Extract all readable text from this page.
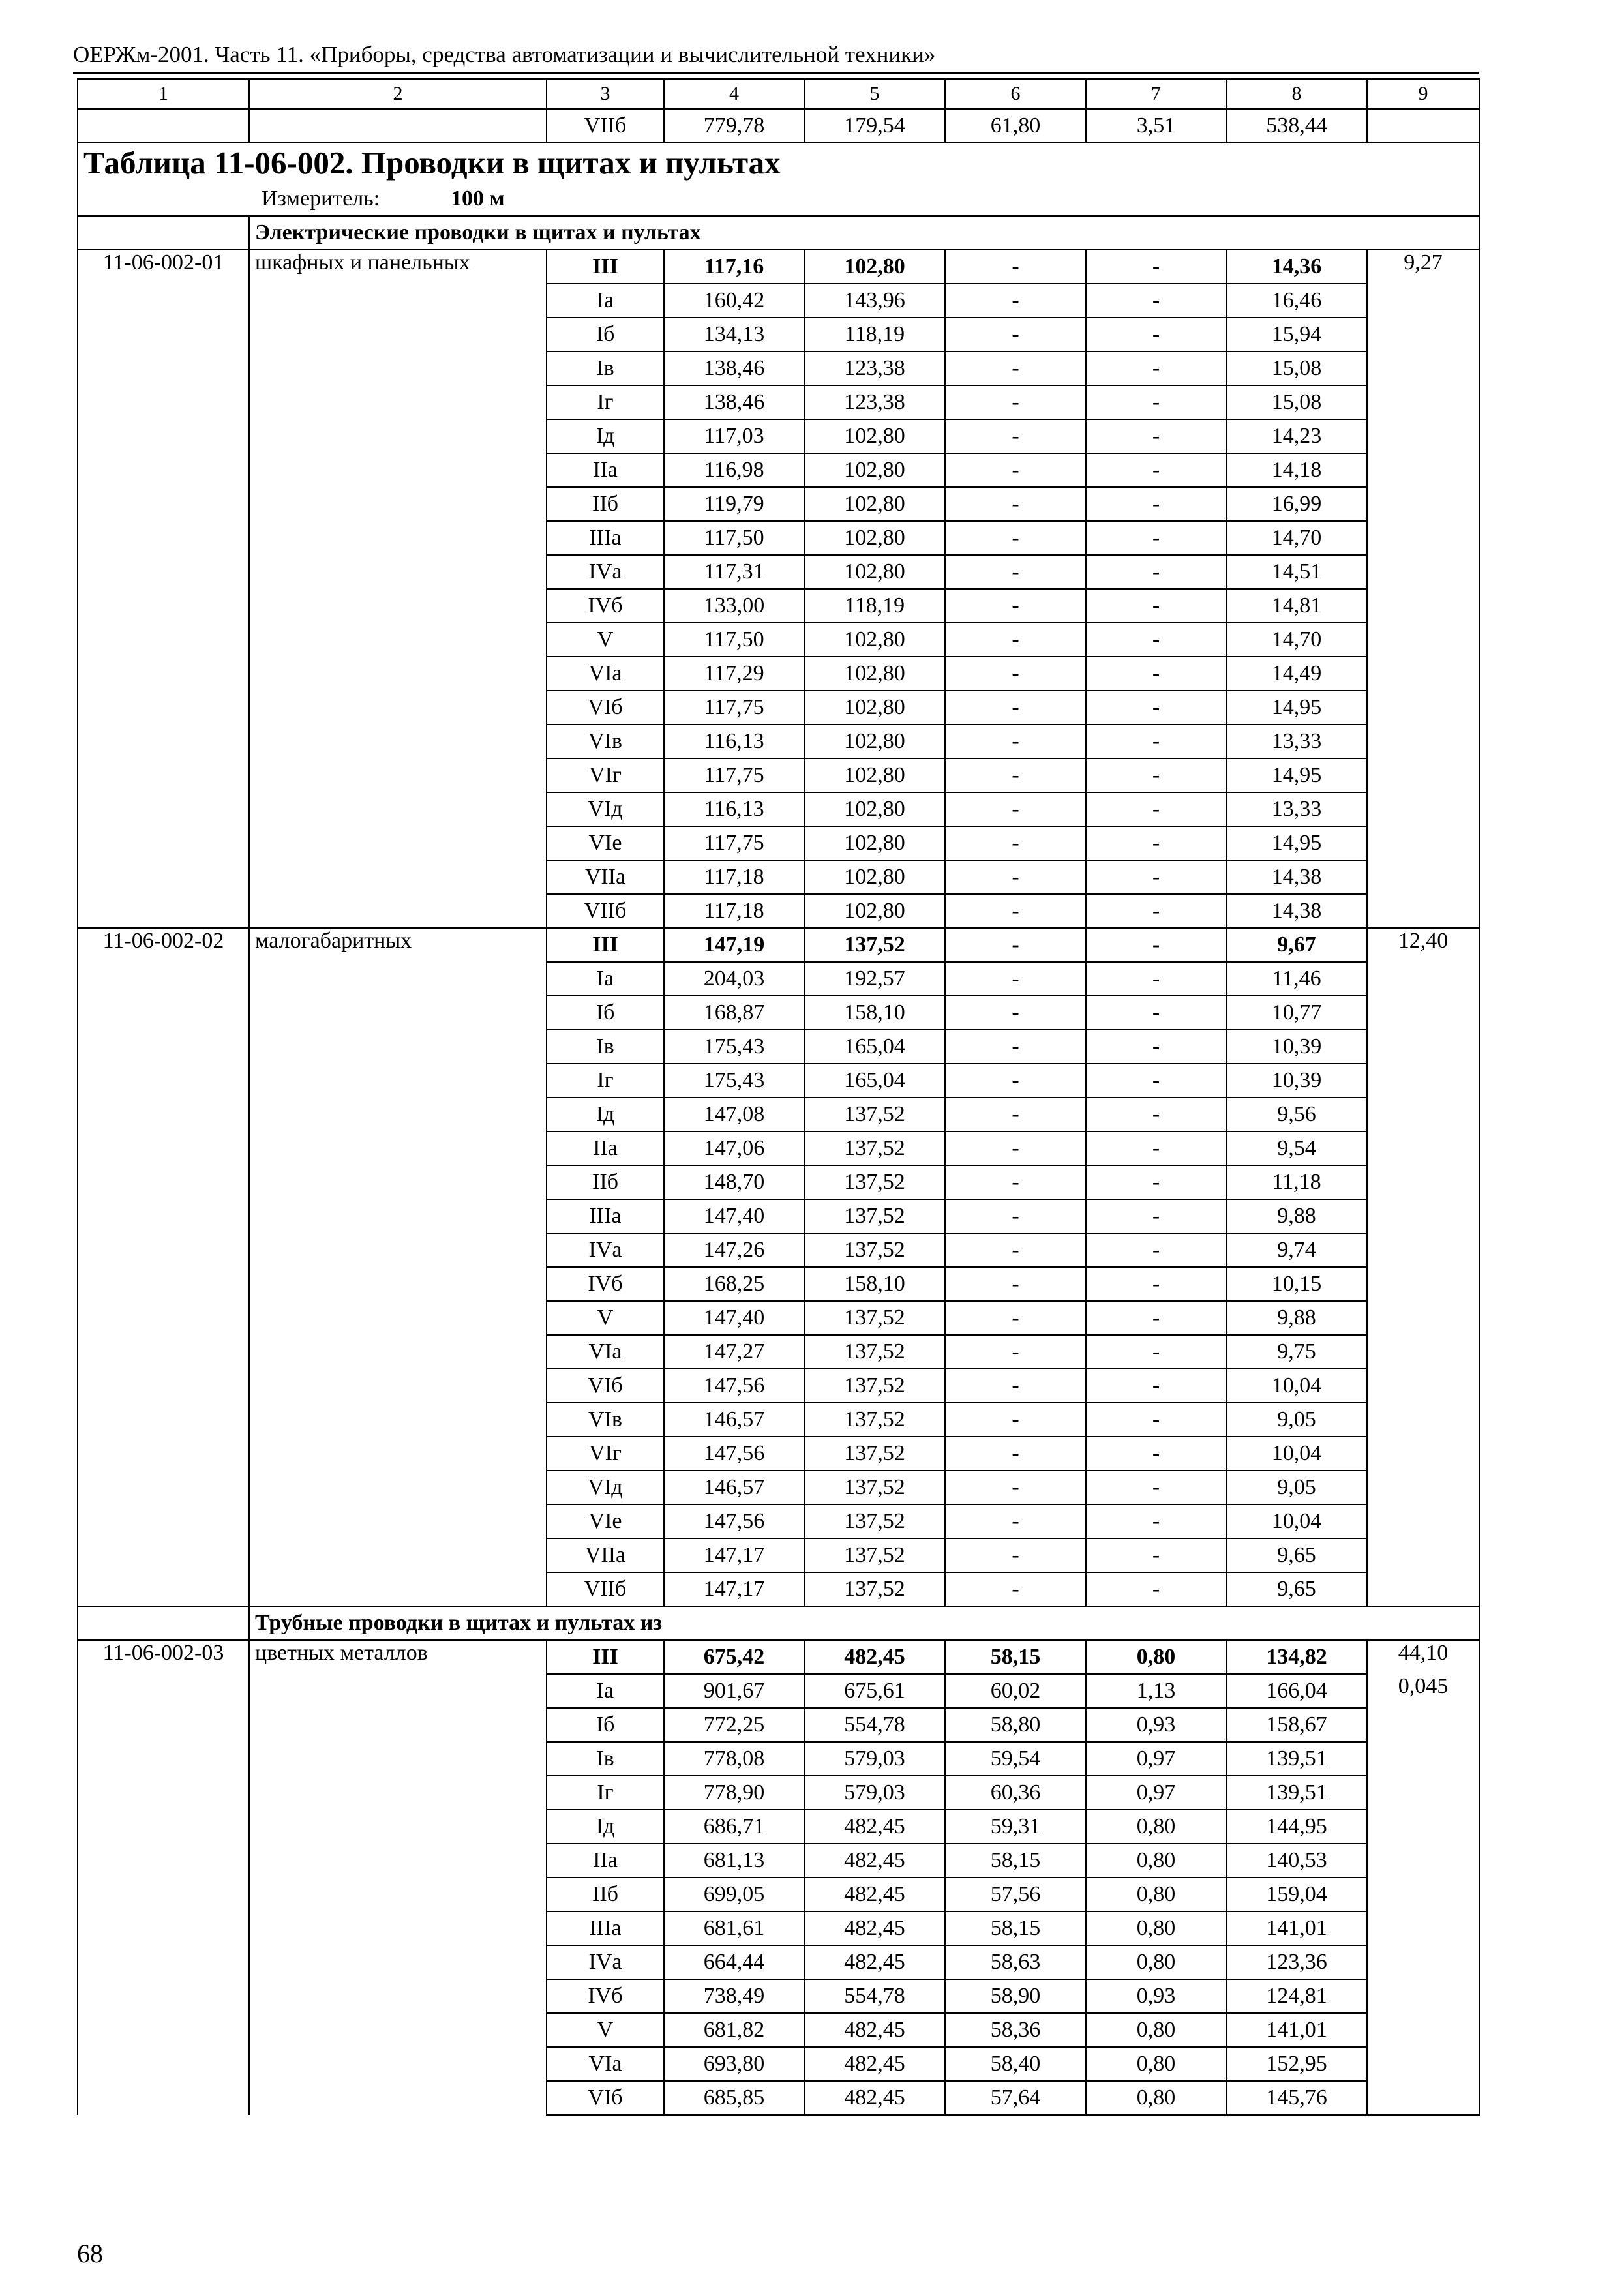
ОЕРЖм-2001. Часть 11. «Приборы, средства автоматизации и вычислительной техники»
1	2	3	4	5	6	7	8	9
		VIIб	779,78	179,54	61,80	3,51	538,44	

Таблица 11-06-002. Проводки в щитах и пультах
Измеритель: 100 м								

	Электрические проводки в щитах и пультах							
11-06-002-01	шкафных и панельных	III	117,16	102,80	-	-	14,36	9,27
		Iа	160,42	143,96	-	-	16,46	
		Iб	134,13	118,19	-	-	15,94	
		Iв	138,46	123,38	-	-	15,08	
		Iг	138,46	123,38	-	-	15,08	
		Iд	117,03	102,80	-	-	14,23	
		IIа	116,98	102,80	-	-	14,18	
		IIб	119,79	102,80	-	-	16,99	
		IIIа	117,50	102,80	-	-	14,70	
		IVа	117,31	102,80	-	-	14,51	
		IVб	133,00	118,19	-	-	14,81	
		V	117,50	102,80	-	-	14,70	
		VIа	117,29	102,80	-	-	14,49	
		VIб	117,75	102,80	-	-	14,95	
		VIв	116,13	102,80	-	-	13,33	
		VIг	117,75	102,80	-	-	14,95	
		VIд	116,13	102,80	-	-	13,33	
		VIе	117,75	102,80	-	-	14,95	
		VIIа	117,18	102,80	-	-	14,38	
		VIIб	117,18	102,80	-	-	14,38	
11-06-002-02	малогабаритных	III	147,19	137,52	-	-	9,67	12,40
		Iа	204,03	192,57	-	-	11,46	
		Iб	168,87	158,10	-	-	10,77	
		Iв	175,43	165,04	-	-	10,39	
		Iг	175,43	165,04	-	-	10,39	
		Iд	147,08	137,52	-	-	9,56	
		IIа	147,06	137,52	-	-	9,54	
		IIб	148,70	137,52	-	-	11,18	
		IIIа	147,40	137,52	-	-	9,88	
		IVа	147,26	137,52	-	-	9,74	
		IVб	168,25	158,10	-	-	10,15	
		V	147,40	137,52	-	-	9,88	
		VIа	147,27	137,52	-	-	9,75	
		VIб	147,56	137,52	-	-	10,04	
		VIв	146,57	137,52	-	-	9,05	
		VIг	147,56	137,52	-	-	10,04	
		VIд	146,57	137,52	-	-	9,05	
		VIе	147,56	137,52	-	-	10,04	
		VIIа	147,17	137,52	-	-	9,65	
		VIIб	147,17	137,52	-	-	9,65	
	Трубные проводки в щитах и пультах из							
11-06-002-03	цветных металлов	III	675,42	482,45	58,15	0,80	134,82	44,10
		Iа	901,67	675,61	60,02	1,13	166,04	0,045
		Iб	772,25	554,78	58,80	0,93	158,67	
		Iв	778,08	579,03	59,54	0,97	139,51	
		Iг	778,90	579,03	60,36	0,97	139,51	
		Iд	686,71	482,45	59,31	0,80	144,95	
		IIа	681,13	482,45	58,15	0,80	140,53	
		IIб	699,05	482,45	57,56	0,80	159,04	
		IIIа	681,61	482,45	58,15	0,80	141,01	
		IVа	664,44	482,45	58,63	0,80	123,36	
		IVб	738,49	554,78	58,90	0,93	124,81	
		V	681,82	482,45	58,36	0,80	141,01	
		VIа	693,80	482,45	58,40	0,80	152,95	
		VIб	685,85	482,45	57,64	0,80	145,76	
68
